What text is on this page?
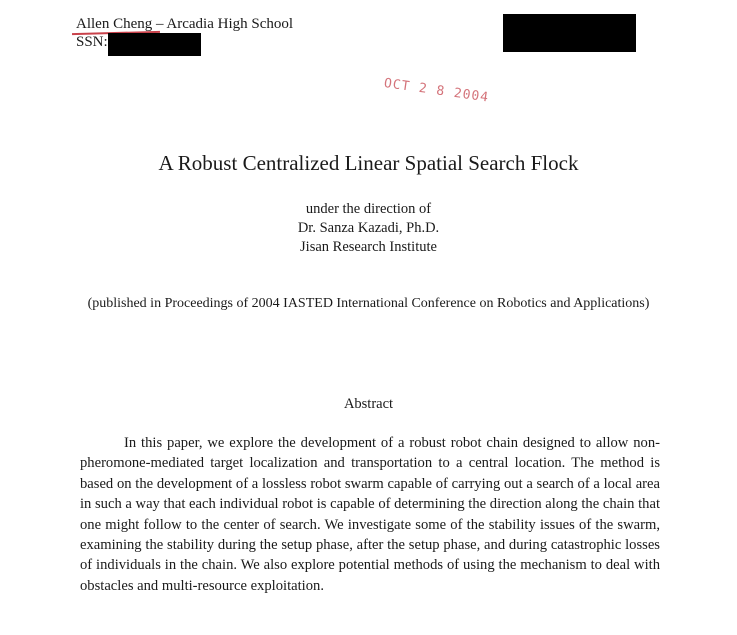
Allen Cheng – Arcadia High School
SSN:
OCT 2 8 2004
A Robust Centralized Linear Spatial Search Flock
under the direction of
Dr. Sanza Kazadi, Ph.D.
Jisan Research Institute
(published in Proceedings of 2004 IASTED International Conference on Robotics and Applications)
Abstract

In this paper, we explore the development of a robust robot chain designed to allow non-pheromone-mediated target localization and transportation to a central location. The method is based on the development of a lossless robot swarm capable of carrying out a search of a local area in such a way that each individual robot is capable of determining the direction along the chain that one might follow to the center of search. We investigate some of the stability issues of the swarm, examining the stability during the setup phase, after the setup phase, and during catastrophic losses of individuals in the chain. We also explore potential methods of using the mechanism to deal with obstacles and multi-resource exploitation.
